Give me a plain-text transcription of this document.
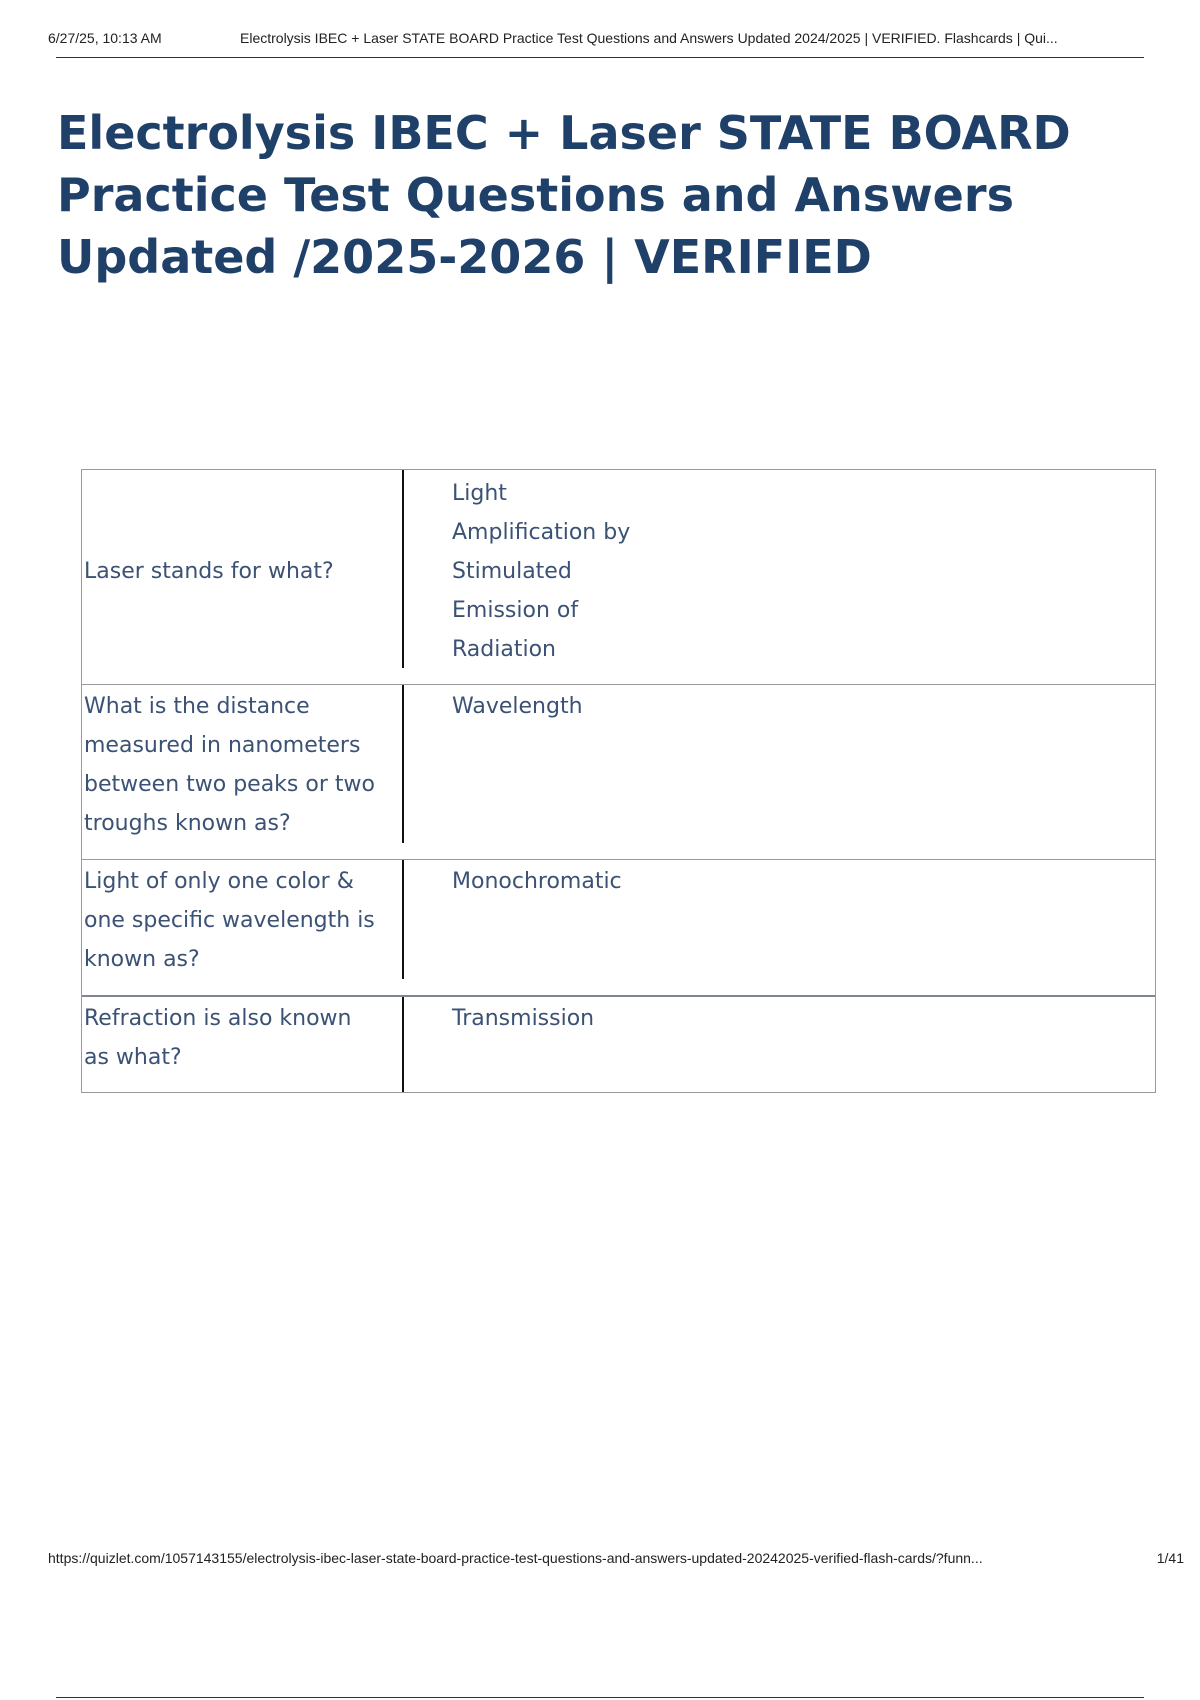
6/27/25, 10:13 AM	Electrolysis IBEC + Laser STATE BOARD Practice Test Questions and Answers Updated 2024/2025 | VERIFIED. Flashcards | Qui...
Electrolysis IBEC + Laser STATE BOARD Practice Test Questions and Answers Updated /2025-2026 | VERIFIED

Laser stands for what?

Light Amplification by Stimulated Emission of Radiation

What is the distance measured in nanometers between two peaks or two troughs known as?

Wavelength

Light of only one color & one specific wavelength is known as?

Monochromatic

Refraction is also known as what?

Transmission

https://quizlet.com/1057143155/electrolysis-ibec-laser-state-board-practice-test-questions-and-answers-updated-20242025-verified-flash-cards/?funn...	1/41
